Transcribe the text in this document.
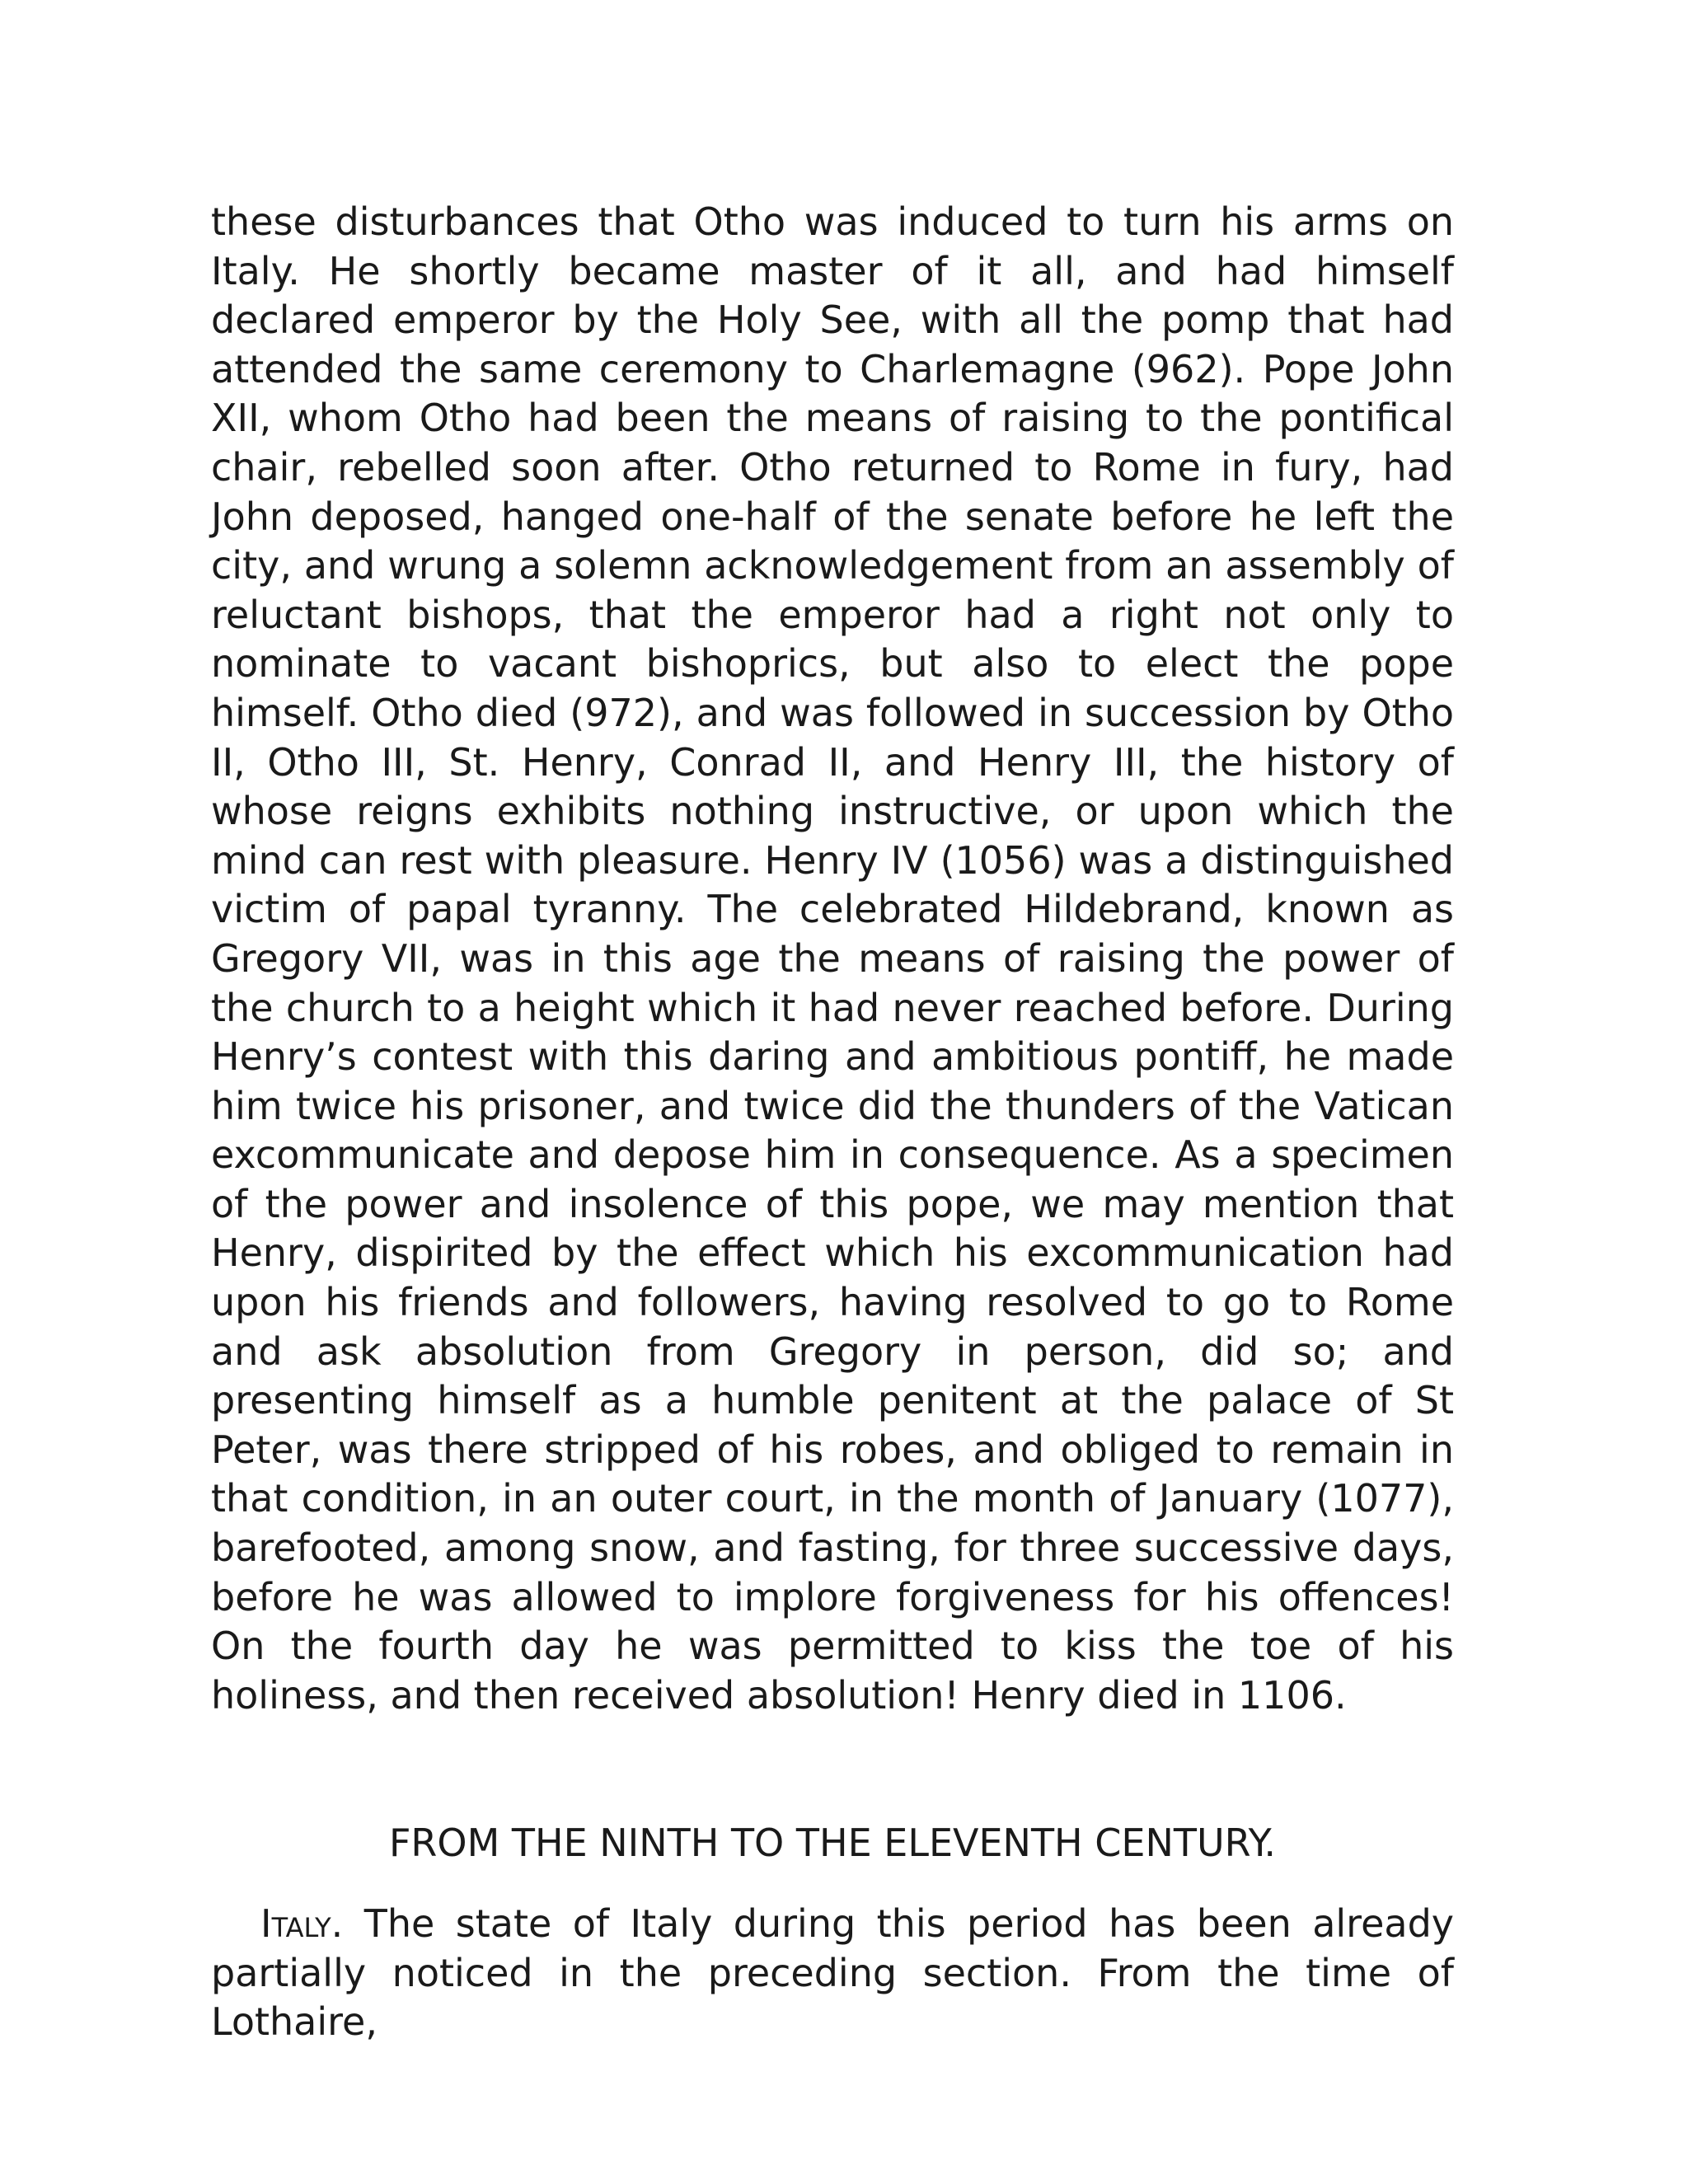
these disturbances that Otho was induced to turn his arms on Italy. He shortly became master of it all, and had himself declared emperor by the Holy See, with all the pomp that had attended the same ceremony to Charlemagne (962). Pope John XII, whom Otho had been the means of raising to the pontifical chair, rebelled soon after. Otho returned to Rome in fury, had John deposed, hanged one-half of the senate before he left the city, and wrung a solemn acknowledgement from an assembly of reluctant bishops, that the emperor had a right not only to nominate to vacant bishoprics, but also to elect the pope himself. Otho died (972), and was followed in succession by Otho II, Otho III, St. Henry, Conrad II, and Henry III, the history of whose reigns exhibits nothing instructive, or upon which the mind can rest with pleasure. Henry IV (1056) was a distinguished victim of papal tyranny. The celebrated Hildebrand, known as Gregory VII, was in this age the means of raising the power of the church to a height which it had never reached before. During Henry’s contest with this daring and ambitious pontiff, he made him twice his prisoner, and twice did the thunders of the Vatican excommunicate and depose him in consequence. As a specimen of the power and insolence of this pope, we may mention that Henry, dispirited by the effect which his excommunication had upon his friends and followers, having resolved to go to Rome and ask absolution from Gregory in person, did so; and presenting himself as a humble penitent at the palace of St Peter, was there stripped of his robes, and obliged to remain in that condition, in an outer court, in the month of January (1077), barefooted, among snow, and fasting, for three successive days, before he was allowed to implore forgiveness for his offences! On the fourth day he was permitted to kiss the toe of his holiness, and then received absolution! Henry died in 1106.

FROM THE NINTH TO THE ELEVENTH CENTURY.

Italy. The state of Italy during this period has been already partially noticed in the preceding section. From the time of Lothaire,
